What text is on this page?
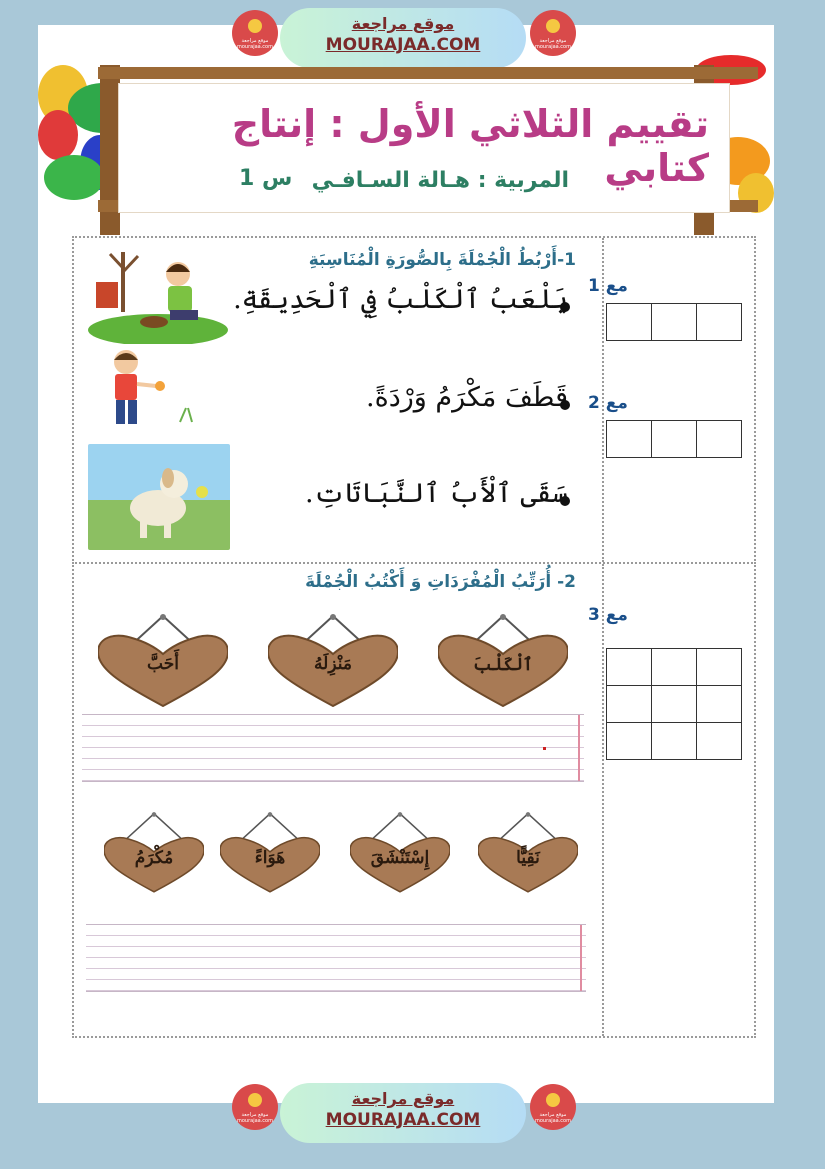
موقع مراجعة mourajaa.com
موقع مراجعة
MOURAJAA.COM	موقع مراجعة mourajaa.com
تقييم الثلاثي الأول : إنتاج كتابي
المربية : هـالة السـافـي
س 1
1-أَرْبُطُ الْجُمْلَةَ بِالصُّورَةِ الْمُنَاسِبَةِ
يَلْعَبُ ٱلْكَلْبُ فِي ٱلْحَدِيقَةِ.
قَطَفَ مَكْرَمُ وَرْدَةً.
سَقَى ٱلْأَبُ ٱلنَّبَاتَاتِ.
مع 1

مع 2

2- أُرَتِّبُ الْمُفْرَدَاتِ وَ أَكْتُبُ الْجُمْلَةَ
مع 3

ٱلْكَلْبَ
مَنْزِلَهُ
أَحَبَّ
نَقِيًّا
إِسْتَنْشَقَ
هَوَاءً
مُكْرَمُ
موقع مراجعة mourajaa.com
موقع مراجعة
MOURAJAA.COM	موقع مراجعة mourajaa.com
